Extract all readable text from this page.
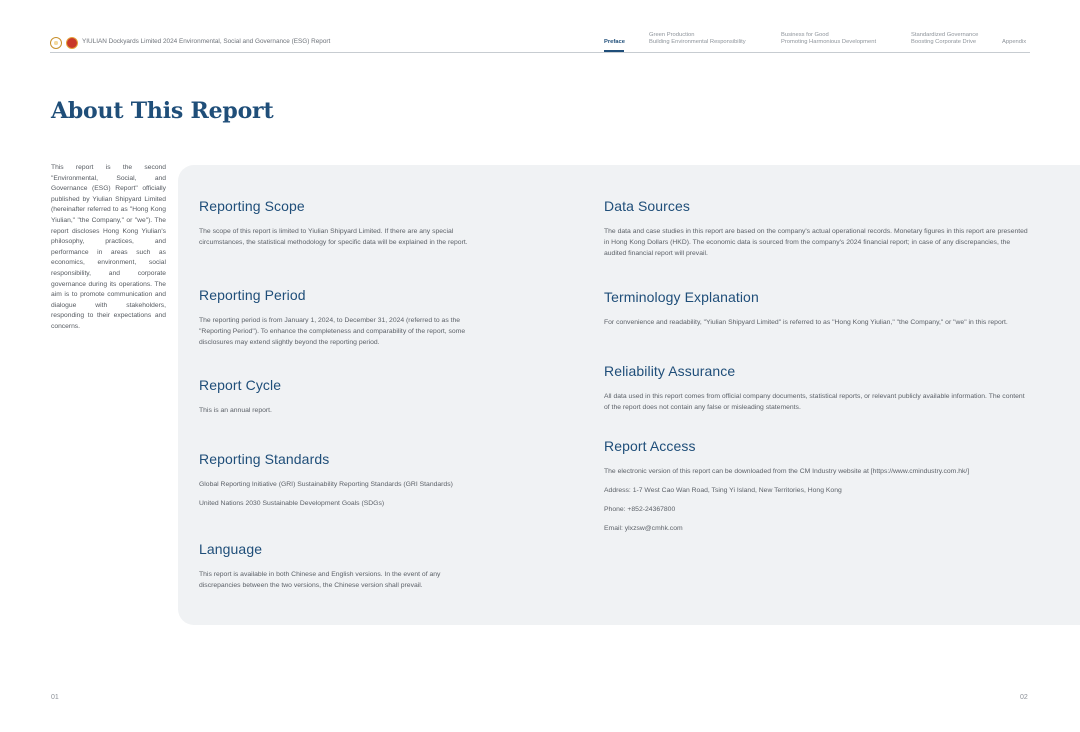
YIULIAN Dockyards Limited 2024 Environmental, Social and Governance (ESG) Report	Preface
Green Production
Building Environmental Responsibility
Business for Good
Promoting Harmonious Development
Standardized Governance
Boosting Corporate Drive	Appendix
About This Report

This report is the second "Environmental, Social, and Governance (ESG) Report" officially published by Yiulian Shipyard Limited (hereinafter referred to as "Hong Kong Yiulian," "the Company," or "we"). The report discloses Hong Kong Yiulian's philosophy, practices, and performance in areas such as economics, environment, social responsibility, and corporate governance during its operations. The aim is to promote communication and dialogue with stakeholders, responding to their expectations and concerns.

Reporting Scope

The scope of this report is limited to Yiulian Shipyard Limited. If there are any special circumstances, the statistical methodology for specific data will be explained in the report.

Reporting Period

The reporting period is from January 1, 2024, to December 31, 2024 (referred to as the "Reporting Period"). To enhance the completeness and comparability of the report, some disclosures may extend slightly beyond the reporting period.

Report Cycle

This is an annual report.

Reporting Standards

Global Reporting Initiative (GRI) Sustainability Reporting Standards (GRI Standards)

United Nations 2030 Sustainable Development Goals (SDGs)

Language

This report is available in both Chinese and English versions. In the event of any discrepancies between the two versions, the Chinese version shall prevail.

Data Sources

The data and case studies in this report are based on the company's actual operational records. Monetary figures in this report are presented in Hong Kong Dollars (HKD). The economic data is sourced from the company's 2024 financial report; in case of any discrepancies, the audited financial report will prevail.

Terminology Explanation

For convenience and readability, "Yiulian Shipyard Limited" is referred to as "Hong Kong Yiulian," "the Company," or "we" in this report.

Reliability Assurance

All data used in this report comes from official company documents, statistical reports, or relevant publicly available information. The content of the report does not contain any false or misleading statements.

Report Access

The electronic version of this report can be downloaded from the CM Industry website at [https://www.cmindustry.com.hk/]

Address: 1-7 West Cao Wan Road, Tsing Yi Island, New Territories, Hong Kong

Phone: +852-24367800

Email: ylxzsw@cmhk.com

01	02
